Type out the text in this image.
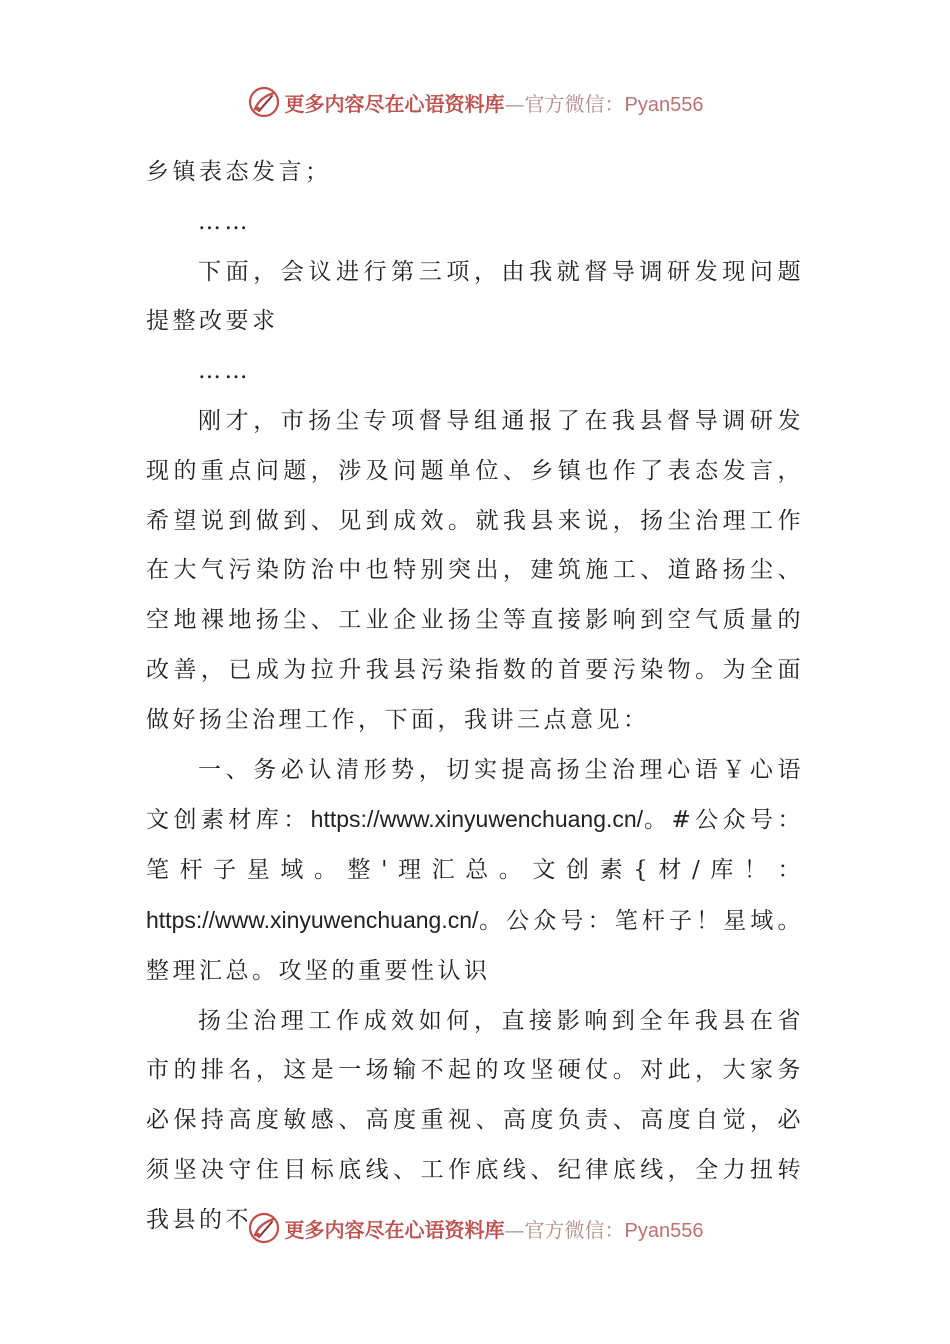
更多内容尽在心语资料库—官方微信：Pyan556

乡镇表态发言；

……

下面，会议进行第三项，由我就督导调研发现问题提整改要求

……

刚才，市扬尘专项督导组通报了在我县督导调研发现的重点问题，涉及问题单位、乡镇也作了表态发言，希望说到做到、见到成效。就我县来说，扬尘治理工作在大气污染防治中也特别突出，建筑施工、道路扬尘、空地裸地扬尘、工业企业扬尘等直接影响到空气质量的改善，已成为拉升我县污染指数的首要污染物。为全面做好扬尘治理工作，下面，我讲三点意见：

一、务必认清形势，切实提高扬尘治理心语￥心语文创素材库：https://www.xinyuwenchuang.cn/。#公众号：笔杆子星域。整'理汇总。文创素{材/库！：https://www.xinyuwenchuang.cn/。公众号：笔杆子！星域。整理汇总。攻坚的重要性认识

扬尘治理工作成效如何，直接影响到全年我县在省市的排名，这是一场输不起的攻坚硬仗。对此，大家务必保持高度敏感、高度重视、高度负责、高度自觉，必须坚决守住目标底线、工作底线、纪律底线，全力扭转我县的不	更多内容尽在心语资料库—官方微信：Pyan556
